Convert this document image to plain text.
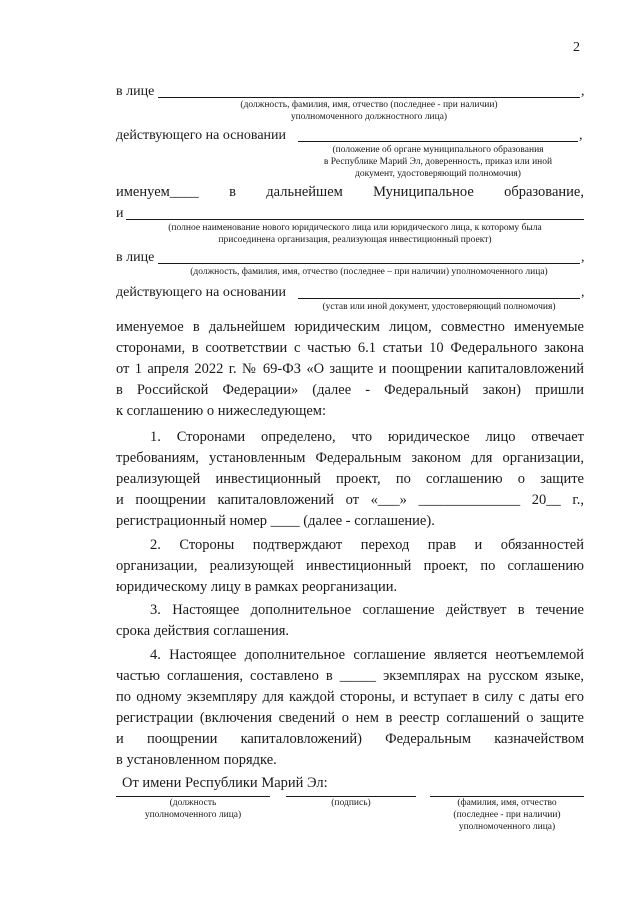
2
в лице	,
(должность, фамилия, имя, отчество (последнее - при наличии)
уполномоченного должностного лица)
действующего на основании	,
(положение об органе муниципального образования
в Республике Марий Эл, доверенность, приказ или иной
документ, удостоверяющий полномочия)
именуем____ в дальнейшем Муниципальное образование,
и
(полное наименование нового юридического лица или юридического лица, к которому была
присоединена организация, реализующая инвестиционный проект)
в лице	,
(должность, фамилия, имя, отчество (последнее – при наличии) уполномоченного лица)
действующего на основании	,
(устав или иной документ, удостоверяющий полномочия)
именуемое в дальнейшем юридическим лицом, совместно именуемые
сторонами, в соответствии с частью 6.1 статьи 10 Федерального закона
от 1 апреля 2022 г. № 69-ФЗ «О защите и поощрении капиталовложений
в Российской Федерации» (далее - Федеральный закон) пришли
к соглашению о нижеследующем:
1. Сторонами определено, что юридическое лицо отвечает
требованиям, установленным Федеральным законом для организации,
реализующей инвестиционный проект, по соглашению о защите
и поощрении капиталовложений от «___» ______________ 20__ г.,
регистрационный номер ____ (далее - соглашение).
2. Стороны подтверждают переход прав и обязанностей
организации, реализующей инвестиционный проект, по соглашению
юридическому лицу в рамках реорганизации.
3. Настоящее дополнительное соглашение действует в течение
срока действия соглашения.
4. Настоящее дополнительное соглашение является неотъемлемой
частью соглашения, составлено в _____ экземплярах на русском языке,
по одному экземпляру для каждой стороны, и вступает в силу с даты его
регистрации (включения сведений о нем в реестр соглашений о защите
и поощрении капиталовложений) Федеральным казначейством
в установленном порядке.
От имени Республики Марий Эл:
(должность
уполномоченного лица)
(подпись)	(фамилия, имя, отчество
(последнее - при наличии)
уполномоченного лица)
